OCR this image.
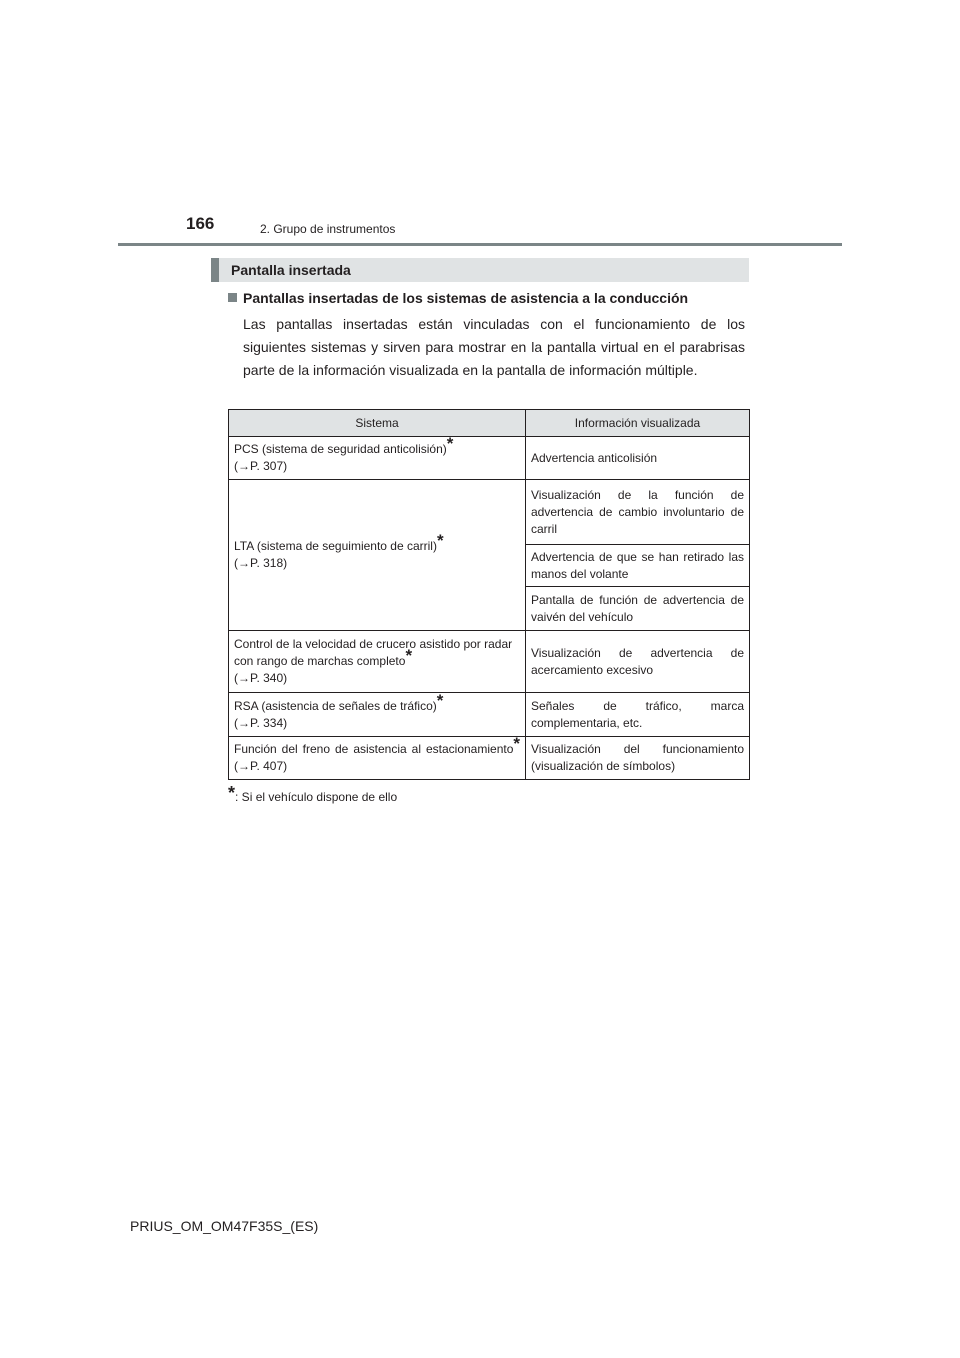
166	2. Grupo de instrumentos
Pantalla insertada
Pantallas insertadas de los sistemas de asistencia a la conducción

Las pantallas insertadas están vinculadas con el funcionamiento de los siguientes sistemas y sirven para mostrar en la pantalla virtual en el parabrisas parte de la información visualizada en la pantalla de información múltiple.

Sistema	Información visualizada
PCS (sistema de seguridad anticolisión)*
(→P. 307)	Advertencia anticolisión
LTA (sistema de seguimiento de carril)*
(→P. 318)	Visualización de la función de advertencia de cambio involuntario de carril
	Advertencia de que se han retirado las manos del volante
	Pantalla de función de advertencia de vaivén del vehículo
Control de la velocidad de crucero asistido por radar con rango de marchas completo*
(→P. 340)	Visualización de advertencia de acercamiento excesivo
RSA (asistencia de señales de tráfico)*
(→P. 334)	Señales de tráfico, marca complementaria, etc.
Función del freno de asistencia al estacionamiento* (→P. 407)	Visualización del funcionamiento (visualización de símbolos)
*: Si el vehículo dispone de ello
PRIUS_OM_OM47F35S_(ES)
